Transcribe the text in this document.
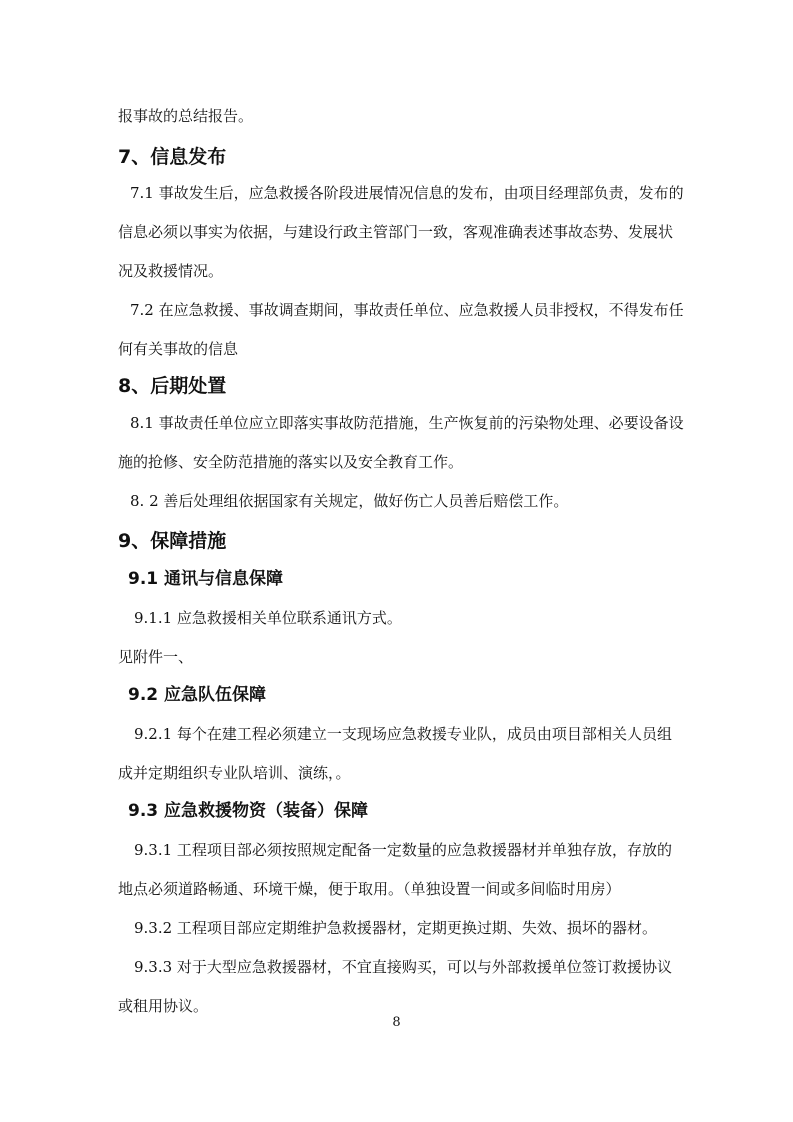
报事故的总结报告。
7、信息发布
7.1 事故发生后，应急救援各阶段进展情况信息的发布，由项目经理部负责，发布的
信息必须以事实为依据，与建设行政主管部门一致，客观准确表述事故态势、发展状
况及救援情况。
7.2 在应急救援、事故调查期间，事故责任单位、应急救援人员非授权，不得发布任
何有关事故的信息
8、后期处置
8.1 事故责任单位应立即落实事故防范措施，生产恢复前的污染物处理、必要设备设
施的抢修、安全防范措施的落实以及安全教育工作。
8. 2 善后处理组依据国家有关规定，做好伤亡人员善后赔偿工作。
9、保障措施
9.1 通讯与信息保障
9.1.1 应急救援相关单位联系通讯方式。
见附件一、
9.2 应急队伍保障
9.2.1 每个在建工程必须建立一支现场应急救援专业队，成员由项目部相关人员组
成并定期组织专业队培训、演练，。
9.3 应急救援物资（装备）保障
9.3.1 工程项目部必须按照规定配备一定数量的应急救援器材并单独存放，存放的
地点必须道路畅通、环境干燥，便于取用。（单独设置一间或多间临时用房）
9.3.2 工程项目部应定期维护急救援器材，定期更换过期、失效、损坏的器材。
9.3.3 对于大型应急救援器材，不宜直接购买，可以与外部救援单位签订救援协议
或租用协议。
8
